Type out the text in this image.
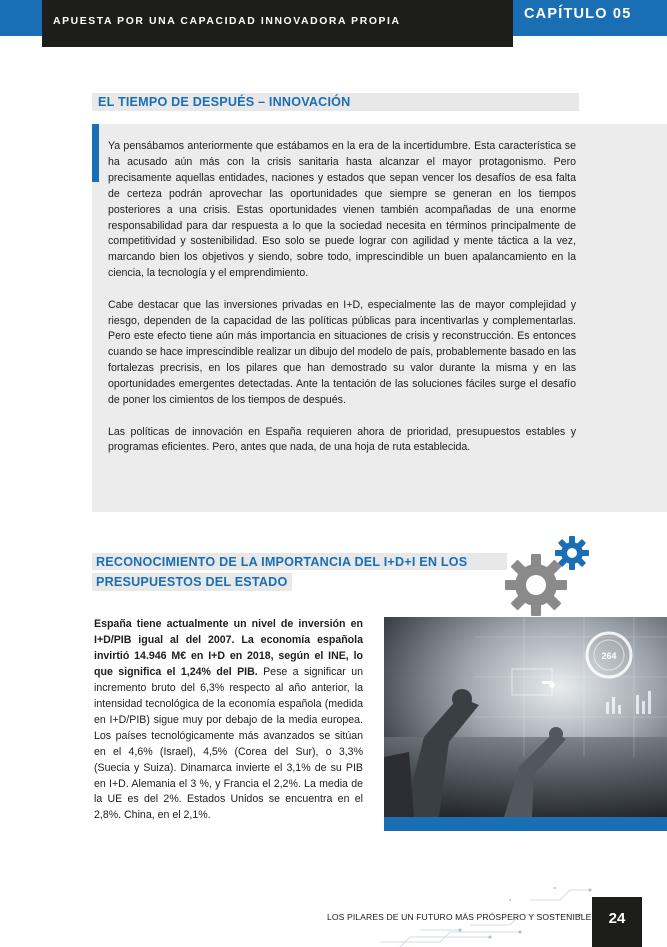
APUESTA POR UNA CAPACIDAD INNOVADORA PROPIA	CAPÍTULO 05
EL TIEMPO DE DESPUÉS – INNOVACIÓN

Ya pensábamos anteriormente que estábamos en la era de la incertidumbre. Esta característica se ha acusado aún más con la crisis sanitaria hasta alcanzar el mayor protagonismo. Pero precisamente aquellas entidades, naciones y estados que sepan vencer los desafíos de esa falta de certeza podrán aprovechar las oportunidades que siempre se generan en los tiempos posteriores a una crisis. Estas oportunidades vienen también acompañadas de una enorme responsabilidad para dar respuesta a lo que la sociedad necesita en términos principalmente de competitividad y sostenibilidad. Eso solo se puede lograr con agilidad y mente táctica a la vez, marcando bien los objetivos y siendo, sobre todo, imprescindible un buen apalancamiento en la ciencia, la tecnología y el emprendimiento.

Cabe destacar que las inversiones privadas en I+D, especialmente las de mayor complejidad y riesgo, dependen de la capacidad de las políticas públicas para incentivarlas y complementarlas. Pero este efecto tiene aún más importancia en situaciones de crisis y reconstrucción. Es entonces cuando se hace imprescindible realizar un dibujo del modelo de país, probablemente basado en las fortalezas precrisis, en los pilares que han demostrado su valor durante la misma y en las oportunidades emergentes detectadas. Ante la tentación de las soluciones fáciles surge el desafío de poner los cimientos de los tiempos de después.

Las políticas de innovación en España requieren ahora de prioridad, presupuestos estables y programas eficientes. Pero, antes que nada, de una hoja de ruta establecida.

RECONOCIMIENTO DE LA IMPORTANCIA DEL I+D+I EN LOS
PRESUPUESTOS DEL ESTADO
España tiene actualmente un nivel de inversión en I+D/PIB igual al del 2007. La economía española invirtió 14.946 M€ en I+D en 2018, según el INE, lo que significa el 1,24% del PIB. Pese a significar un incremento bruto del 6,3% respecto al año anterior, la intensidad tecnológica de la economía española (medida en I+D/PIB) sigue muy por debajo de la media europea. Los países tecnológicamente más avanzados se sitúan en el 4,6% (Israel), 4,5% (Corea del Sur), o 3,3% (Suecia y Suiza). Dinamarca invierte el 3,1% de su PIB en I+D. Alemania el 3 %, y Francia el 2,2%. La media de la UE es del 2%. Estados Unidos se encuentra en el 2,8%. China, en el 2,1%.
264
LOS PILARES DE UN FUTURO MÁS PRÓSPERO Y SOSTENIBLE	24
